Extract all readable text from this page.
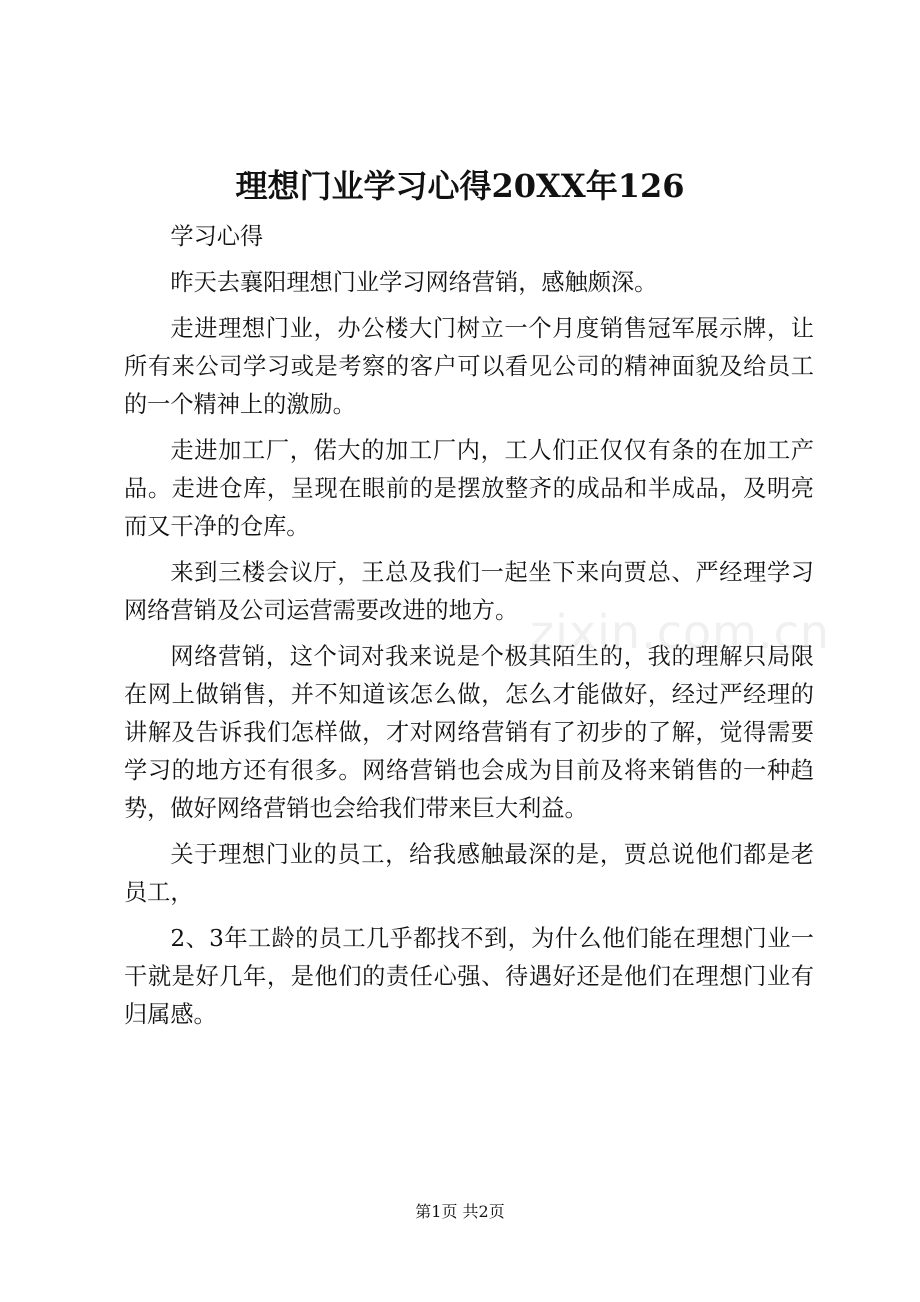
理想门业学习心得20XX年126

学习心得

昨天去襄阳理想门业学习网络营销，感触颇深。

走进理想门业，办公楼大门树立一个月度销售冠军展示牌，让所有来公司学习或是考察的客户可以看见公司的精神面貌及给员工的一个精神上的激励。

走进加工厂，偌大的加工厂内，工人们正仅仅有条的在加工产品。走进仓库，呈现在眼前的是摆放整齐的成品和半成品，及明亮而又干净的仓库。

来到三楼会议厅，王总及我们一起坐下来向贾总、严经理学习网络营销及公司运营需要改进的地方。

网络营销，这个词对我来说是个极其陌生的，我的理解只局限在网上做销售，并不知道该怎么做，怎么才能做好，经过严经理的讲解及告诉我们怎样做，才对网络营销有了初步的了解，觉得需要学习的地方还有很多。网络营销也会成为目前及将来销售的一种趋势，做好网络营销也会给我们带来巨大利益。

关于理想门业的员工，给我感触最深的是，贾总说他们都是老员工，

2、3年工龄的员工几乎都找不到，为什么他们能在理想门业一干就是好几年，是他们的责任心强、待遇好还是他们在理想门业有归属感。

zixin.com.cn
第1页 共2页
